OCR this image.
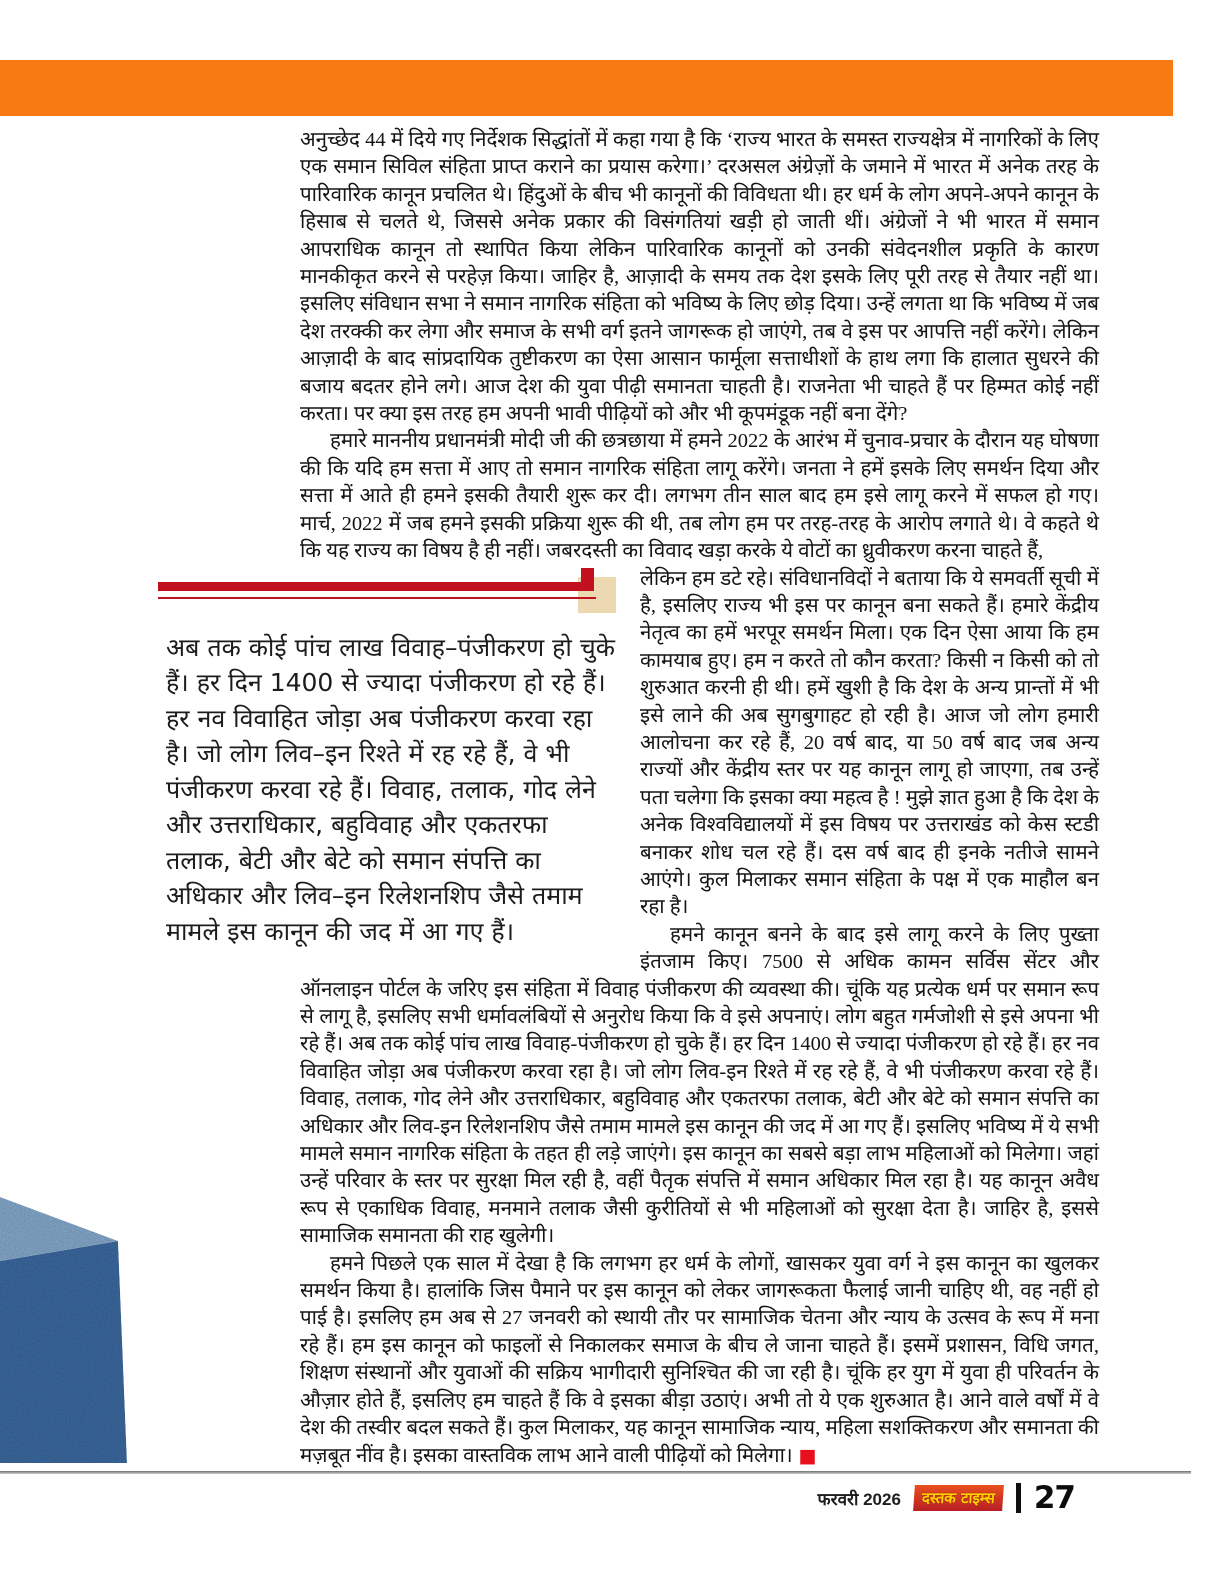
अनुच्छेद 44 में दिये गए निर्देशक सिद्धांतों में कहा गया है कि ‘राज्य भारत के समस्त राज्यक्षेत्र में नागरिकों के लिए एक समान सिविल संहिता प्राप्त कराने का प्रयास करेगा।’ दरअसल अंग्रेज़ों के जमाने में भारत में अनेक तरह के पारिवारिक कानून प्रचलित थे। हिंदुओं के बीच भी कानूनों की विविधता थी। हर धर्म के लोग अपने-अपने कानून के हिसाब से चलते थे, जिससे अनेक प्रकार की विसंगतियां खड़ी हो जाती थीं। अंग्रेजों ने भी भारत में समान आपराधिक कानून तो स्थापित किया लेकिन पारिवारिक कानूनों को उनकी संवेदनशील प्रकृति के कारण मानकीकृत करने से परहेज़ किया। जाहिर है, आज़ादी के समय तक देश इसके लिए पूरी तरह से तैयार नहीं था। इसलिए संविधान सभा ने समान नागरिक संहिता को भविष्य के लिए छोड़ दिया। उन्हें लगता था कि भविष्य में जब देश तरक्की कर लेगा और समाज के सभी वर्ग इतने जागरूक हो जाएंगे, तब वे इस पर आपत्ति नहीं करेंगे। लेकिन आज़ादी के बाद सांप्रदायिक तुष्टीकरण का ऐसा आसान फार्मूला सत्ताधीशों के हाथ लगा कि हालात सुधरने की बजाय बदतर होने लगे। आज देश की युवा पीढ़ी समानता चाहती है। राजनेता भी चाहते हैं पर हिम्मत कोई नहीं करता। पर क्या इस तरह हम अपनी भावी पीढ़ियों को और भी कूपमंडूक नहीं बना देंगे?

हमारे माननीय प्रधानमंत्री मोदी जी की छत्रछाया में हमने 2022 के आरंभ में चुनाव-प्रचार के दौरान यह घोषणा की कि यदि हम सत्ता में आए तो समान नागरिक संहिता लागू करेंगे। जनता ने हमें इसके लिए समर्थन दिया और सत्ता में आते ही हमने इसकी तैयारी शुरू कर दी। लगभग तीन साल बाद हम इसे लागू करने में सफल हो गए। मार्च, 2022 में जब हमने इसकी प्रक्रिया शुरू की थी, तब लोग हम पर तरह-तरह के आरोप लगाते थे। वे कहते थे कि यह राज्य का विषय है ही नहीं। जबरदस्ती का विवाद खड़ा करके ये वोटों का ध्रुवीकरण करना चाहते हैं,

अब तक कोई पांच लाख विवाह–पंजीकरण हो चुके हैं। हर दिन 1400 से ज्यादा पंजीकरण हो रहे हैं। हर नव विवाहित जोड़ा अब पंजीकरण करवा रहा है। जो लोग लिव–इन रिश्ते में रह रहे हैं, वे भी पंजीकरण करवा रहे हैं। विवाह, तलाक, गोद लेने और उत्तराधिकार, बहुविवाह और एकतरफा तलाक, बेटी और बेटे को समान संपत्ति का अधिकार और लिव–इन रिलेशनशिप जैसे तमाम मामले इस कानून की जद में आ गए हैं।

लेकिन हम डटे रहे। संविधानविदों ने बताया कि ये समवर्ती सूची में है, इसलिए राज्य भी इस पर कानून बना सकते हैं। हमारे केंद्रीय नेतृत्व का हमें भरपूर समर्थन मिला। एक दिन ऐसा आया कि हम कामयाब हुए। हम न करते तो कौन करता? किसी न किसी को तो शुरुआत करनी ही थी। हमें खुशी है कि देश के अन्य प्रान्तों में भी इसे लाने की अब सुगबुगाहट हो रही है। आज जो लोग हमारी आलोचना कर रहे हैं, 20 वर्ष बाद, या 50 वर्ष बाद जब अन्य राज्यों और केंद्रीय स्तर पर यह कानून लागू हो जाएगा, तब उन्हें पता चलेगा कि इसका क्या महत्व है ! मुझे ज्ञात हुआ है कि देश के अनेक विश्वविद्यालयों में इस विषय पर उत्तराखंड को केस स्टडी बनाकर शोध चल रहे हैं। दस वर्ष बाद ही इनके नतीजे सामने आएंगे। कुल मिलाकर समान संहिता के पक्ष में एक माहौल बन रहा है।

हमने कानून बनने के बाद इसे लागू करने के लिए पुख्ता इंतजाम किए। 7500 से अधिक कामन सर्विस सेंटर और ऑनलाइन पोर्टल के जरिए इस संहिता में विवाह पंजीकरण की व्यवस्था की। चूंकि यह प्रत्येक धर्म पर समान रूप से लागू है, इसलिए सभी धर्मावलंबियों से अनुरोध किया कि वे इसे अपनाएं। लोग बहुत गर्मजोशी से इसे अपना भी रहे हैं। अब तक कोई पांच लाख विवाह-पंजीकरण हो चुके हैं। हर दिन 1400 से ज्यादा पंजीकरण हो रहे हैं। हर नव विवाहित जोड़ा अब पंजीकरण करवा रहा है। जो लोग लिव-इन रिश्ते में रह रहे हैं, वे भी पंजीकरण करवा रहे हैं। विवाह, तलाक, गोद लेने और उत्तराधिकार, बहुविवाह और एकतरफा तलाक, बेटी और बेटे को समान संपत्ति का अधिकार और लिव-इन रिलेशनशिप जैसे तमाम मामले इस कानून की जद में आ गए हैं। इसलिए भविष्य में ये सभी मामले समान नागरिक संहिता के तहत ही लड़े जाएंगे। इस कानून का सबसे बड़ा लाभ महिलाओं को मिलेगा। जहां उन्हें परिवार के स्तर पर सुरक्षा मिल रही है, वहीं पैतृक संपत्ति में समान अधिकार मिल रहा है। यह कानून अवैध रूप से एकाधिक विवाह, मनमाने तलाक जैसी कुरीतियों से भी महिलाओं को सुरक्षा देता है। जाहिर है, इससे सामाजिक समानता की राह खुलेगी।

हमने पिछले एक साल में देखा है कि लगभग हर धर्म के लोगों, खासकर युवा वर्ग ने इस कानून का खुलकर समर्थन किया है। हालांकि जिस पैमाने पर इस कानून को लेकर जागरूकता फैलाई जानी चाहिए थी, वह नहीं हो पाई है। इसलिए हम अब से 27 जनवरी को स्थायी तौर पर सामाजिक चेतना और न्याय के उत्सव के रूप में मना रहे हैं। हम इस कानून को फाइलों से निकालकर समाज के बीच ले जाना चाहते हैं। इसमें प्रशासन, विधि जगत, शिक्षण संस्थानों और युवाओं की सक्रिय भागीदारी सुनिश्चित की जा रही है। चूंकि हर युग में युवा ही परिवर्तन के औज़ार होते हैं, इसलिए हम चाहते हैं कि वे इसका बीड़ा उठाएं। अभी तो ये एक शुरुआत है। आने वाले वर्षों में वे देश की तस्वीर बदल सकते हैं। कुल मिलाकर, यह कानून सामाजिक न्याय, महिला सशक्तिकरण और समानता की मज़बूत नींव है। इसका वास्तविक लाभ आने वाली पीढ़ियों को मिलेगा। ■

फरवरी 2026	दस्तक टाइम्स 27
